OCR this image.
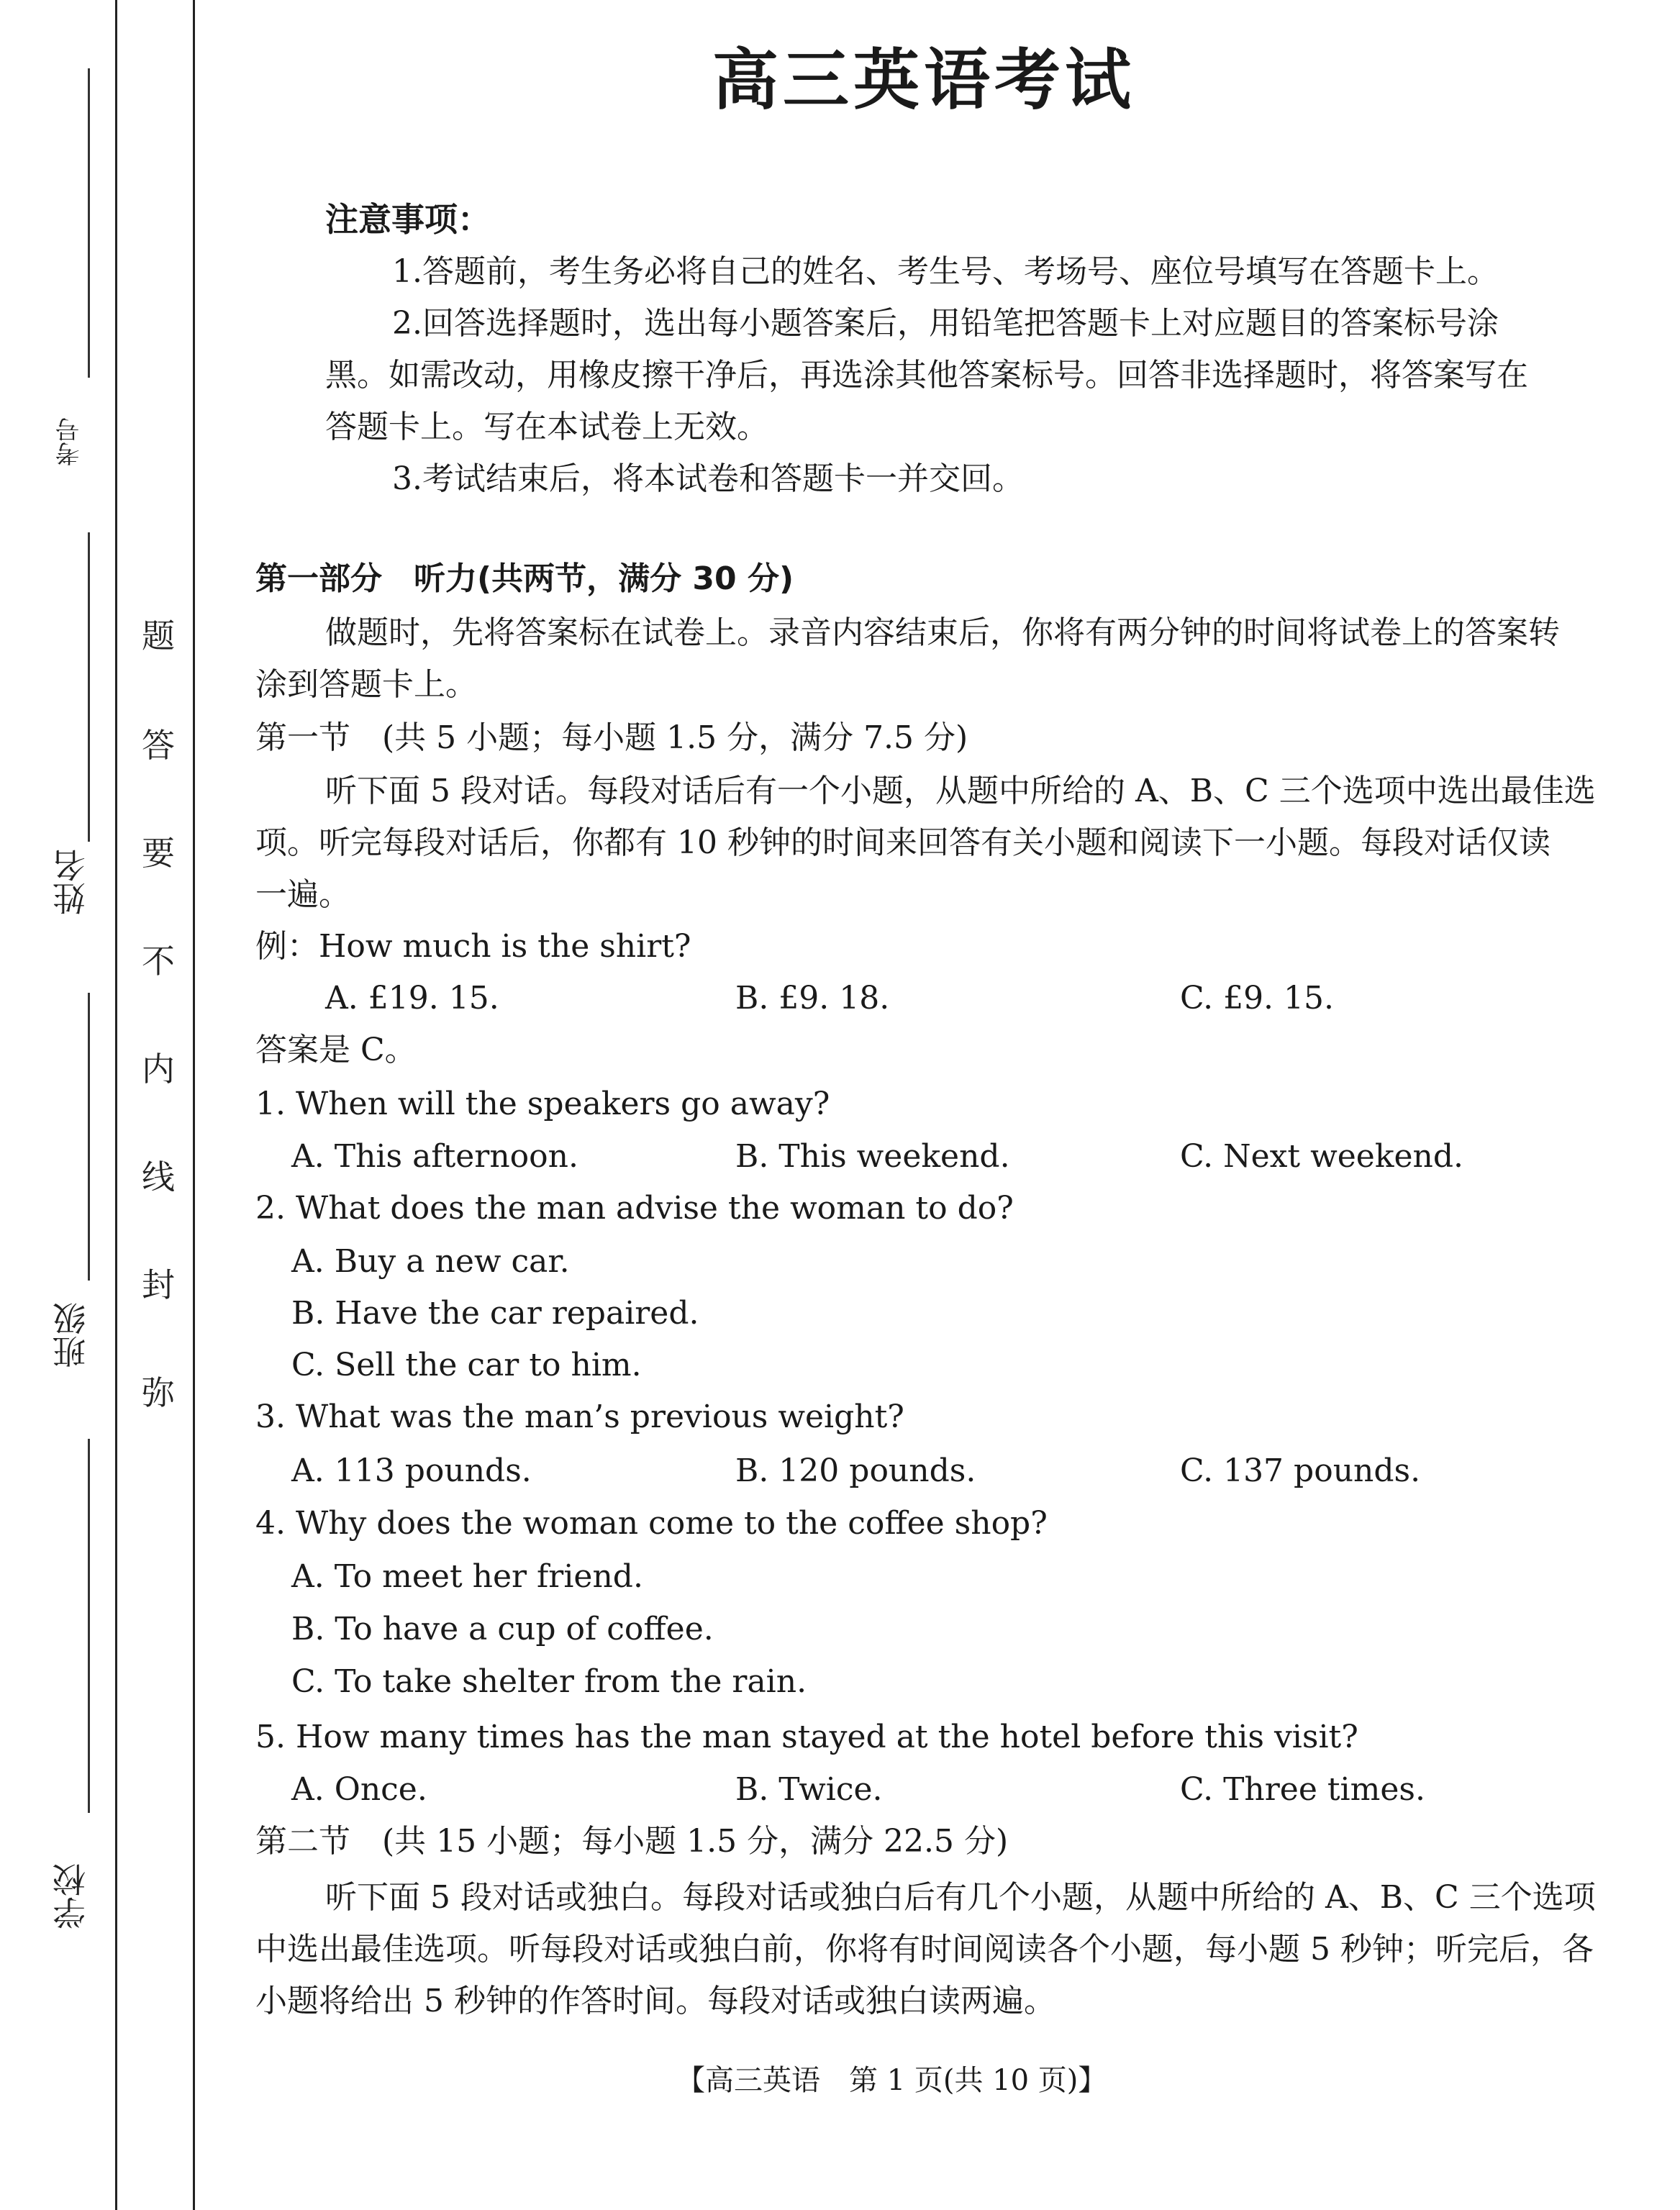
考号
姓名
班级
学校
题
答
要
不
内
线
封
弥
高三英语考试
注意事项：
1.答题前，考生务必将自己的姓名、考生号、考场号、座位号填写在答题卡上。
2.回答选择题时，选出每小题答案后，用铅笔把答题卡上对应题目的答案标号涂
黑。如需改动，用橡皮擦干净后，再选涂其他答案标号。回答非选择题时，将答案写在
答题卡上。写在本试卷上无效。
3.考试结束后，将本试卷和答题卡一并交回。
第一部分　听力(共两节，满分 30 分)
做题时，先将答案标在试卷上。录音内容结束后，你将有两分钟的时间将试卷上的答案转
涂到答题卡上。
第一节　(共 5 小题；每小题 1.5 分，满分 7.5 分)
听下面 5 段对话。每段对话后有一个小题，从题中所给的 A、B、C 三个选项中选出最佳选
项。听完每段对话后，你都有 10 秒钟的时间来回答有关小题和阅读下一小题。每段对话仅读
一遍。
例：How much is the shirt?
A. £19. 15.	B. £9. 18.	C. £9. 15.
答案是 C。
1. When will the speakers go away?
A. This afternoon.	B. This weekend.	C. Next weekend.
2. What does the man advise the woman to do?
A. Buy a new car.
B. Have the car repaired.
C. Sell the car to him.
3. What was the man’s previous weight?
A. 113 pounds.	B. 120 pounds.	C. 137 pounds.
4. Why does the woman come to the coffee shop?
A. To meet her friend.
B. To have a cup of coffee.
C. To take shelter from the rain.
5. How many times has the man stayed at the hotel before this visit?
A. Once.	B. Twice.	C. Three times.
第二节　(共 15 小题；每小题 1.5 分，满分 22.5 分)
听下面 5 段对话或独白。每段对话或独白后有几个小题，从题中所给的 A、B、C 三个选项
中选出最佳选项。听每段对话或独白前，你将有时间阅读各个小题，每小题 5 秒钟；听完后，各
小题将给出 5 秒钟的作答时间。每段对话或独白读两遍。
【高三英语　第 1 页(共 10 页)】
